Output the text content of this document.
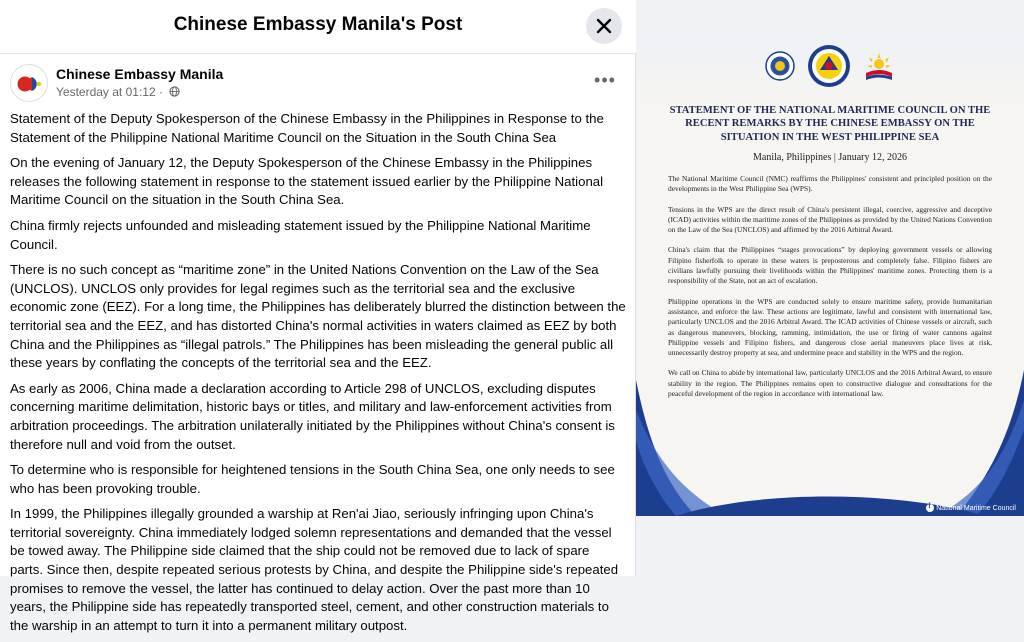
Chinese Embassy Manila's Post
Chinese Embassy Manila
Yesterday at 01:12 ·
•••

Statement of the Deputy Spokesperson of the Chinese Embassy in the Philippines in Response to the Statement of the Philippine National Maritime Council on the Situation in the South China Sea

On the evening of January 12, the Deputy Spokesperson of the Chinese Embassy in the Philippines releases the following statement in response to the statement issued earlier by the Philippine National Maritime Council on the situation in the South China Sea.

China firmly rejects unfounded and misleading statement issued by the Philippine National Maritime Council.

There is no such concept as “maritime zone” in the United Nations Convention on the Law of the Sea (UNCLOS). UNCLOS only provides for legal regimes such as the territorial sea and the exclusive economic zone (EEZ). For a long time, the Philippines has deliberately blurred the distinction between the territorial sea and the EEZ, and has distorted China's normal activities in waters claimed as EEZ by both China and the Philippines as “illegal patrols.” The Philippines has been misleading the general public all these years by conflating the concepts of the territorial sea and the EEZ.

As early as 2006, China made a declaration according to Article 298 of UNCLOS, excluding disputes concerning maritime delimitation, historic bays or titles, and military and law-enforcement activities from arbitration proceedings. The arbitration unilaterally initiated by the Philippines without China's consent is therefore null and void from the outset.

To determine who is responsible for heightened tensions in the South China Sea, one only needs to see who has been provoking trouble.

In 1999, the Philippines illegally grounded a warship at Ren'ai Jiao, seriously infringing upon China's territorial sovereignty. China immediately lodged solemn representations and demanded that the vessel be towed away. The Philippine side claimed that the ship could not be removed due to lack of spare parts. Since then, despite repeated serious protests by China, and despite the Philippine side's repeated promises to remove the vessel, the latter has continued to delay action. Over the past more than 10 years, the Philippine side has repeatedly transported steel, cement, and other construction materials to the warship in an attempt to turn it into a permanent military outpost.

STATEMENT OF THE NATIONAL MARITIME COUNCIL ON THE RECENT REMARKS BY THE CHINESE EMBASSY ON THE SITUATION IN THE WEST PHILIPPINE SEA
Manila, Philippines | January 12, 2026

The National Maritime Council (NMC) reaffirms the Philippines' consistent and principled position on the developments in the West Philippine Sea (WPS).

Tensions in the WPS are the direct result of China's persistent illegal, coercive, aggressive and deceptive (ICAD) activities within the maritime zones of the Philippines as provided by the United Nations Convention on the Law of the Sea (UNCLOS) and affirmed by the 2016 Arbitral Award.

China's claim that the Philippines “stages provocations” by deploying government vessels or allowing Filipino fisherfolk to operate in these waters is preposterous and completely false. Filipino fishers are civilians lawfully pursuing their livelihoods within the Philippines' maritime zones. Protecting them is a responsibility of the State, not an act of escalation.

Philippine operations in the WPS are conducted solely to ensure maritime safety, provide humanitarian assistance, and enforce the law. These actions are legitimate, lawful and consistent with international law, particularly UNCLOS and the 2016 Arbitral Award. The ICAD activities of Chinese vessels or aircraft, such as dangerous maneuvers, blocking, ramming, intimidation, the use or firing of water cannons against Philippine vessels and Filipino fishers, and dangerous close aerial maneuvers place lives at risk, unnecessarily destroy property at sea, and undermine peace and stability in the WPS and the region.

We call on China to abide by international law, particularly UNCLOS and the 2016 Arbitral Award, to ensure stability in the region. The Philippines remains open to constructive dialogue and consultations for the peaceful development of the region in accordance with international law.

fNational Maritime Council
